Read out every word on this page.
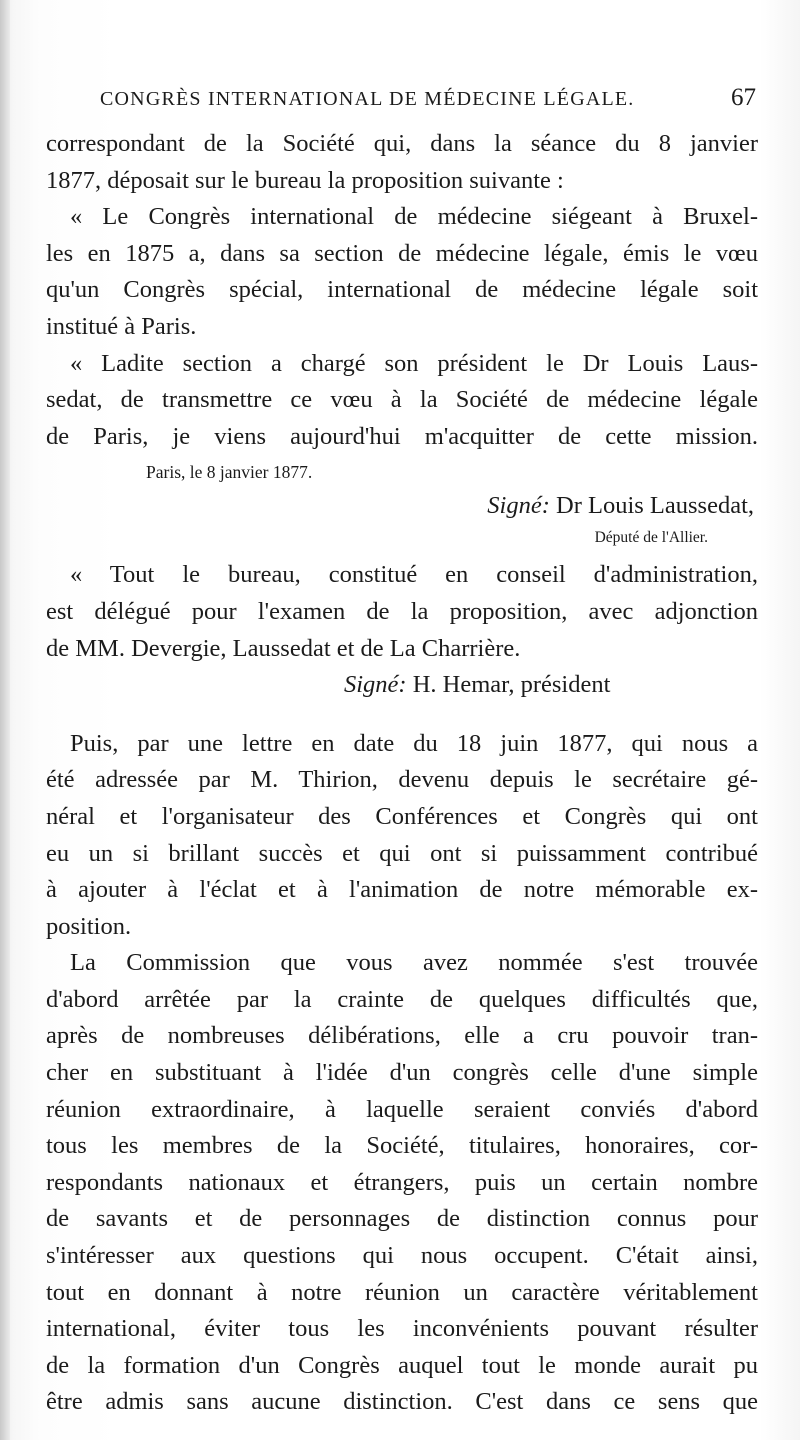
CONGRÈS INTERNATIONAL DE MÉDECINE LÉGALE.	67
correspondant de la Société qui, dans la séance du 8 janvier
1877, déposait sur le bureau la proposition suivante :
« Le Congrès international de médecine siégeant à Bruxel-
les en 1875 a, dans sa section de médecine légale, émis le vœu
qu'un Congrès spécial, international de médecine légale soit
institué à Paris.
« Ladite section a chargé son président le Dr Louis Laus-
sedat, de transmettre ce vœu à la Société de médecine légale
de Paris, je viens aujourd'hui m'acquitter de cette mission.
Paris, le 8 janvier 1877.
Signé: Dr Louis Laussedat,
Député de l'Allier.
« Tout le bureau, constitué en conseil d'administration,
est délégué pour l'examen de la proposition, avec adjonction
de MM. Devergie, Laussedat et de La Charrière.
Signé: H. Hemar, président
Puis, par une lettre en date du 18 juin 1877, qui nous a
été adressée par M. Thirion, devenu depuis le secrétaire gé-
néral et l'organisateur des Conférences et Congrès qui ont
eu un si brillant succès et qui ont si puissamment contribué
à ajouter à l'éclat et à l'animation de notre mémorable ex-
position.
La Commission que vous avez nommée s'est trouvée
d'abord arrêtée par la crainte de quelques difficultés que,
après de nombreuses délibérations, elle a cru pouvoir tran-
cher en substituant à l'idée d'un congrès celle d'une simple
réunion extraordinaire, à laquelle seraient conviés d'abord
tous les membres de la Société, titulaires, honoraires, cor-
respondants nationaux et étrangers, puis un certain nombre
de savants et de personnages de distinction connus pour
s'intéresser aux questions qui nous occupent. C'était ainsi,
tout en donnant à notre réunion un caractère véritablement
international, éviter tous les inconvénients pouvant résulter
de la formation d'un Congrès auquel tout le monde aurait pu
être admis sans aucune distinction. C'est dans ce sens que
